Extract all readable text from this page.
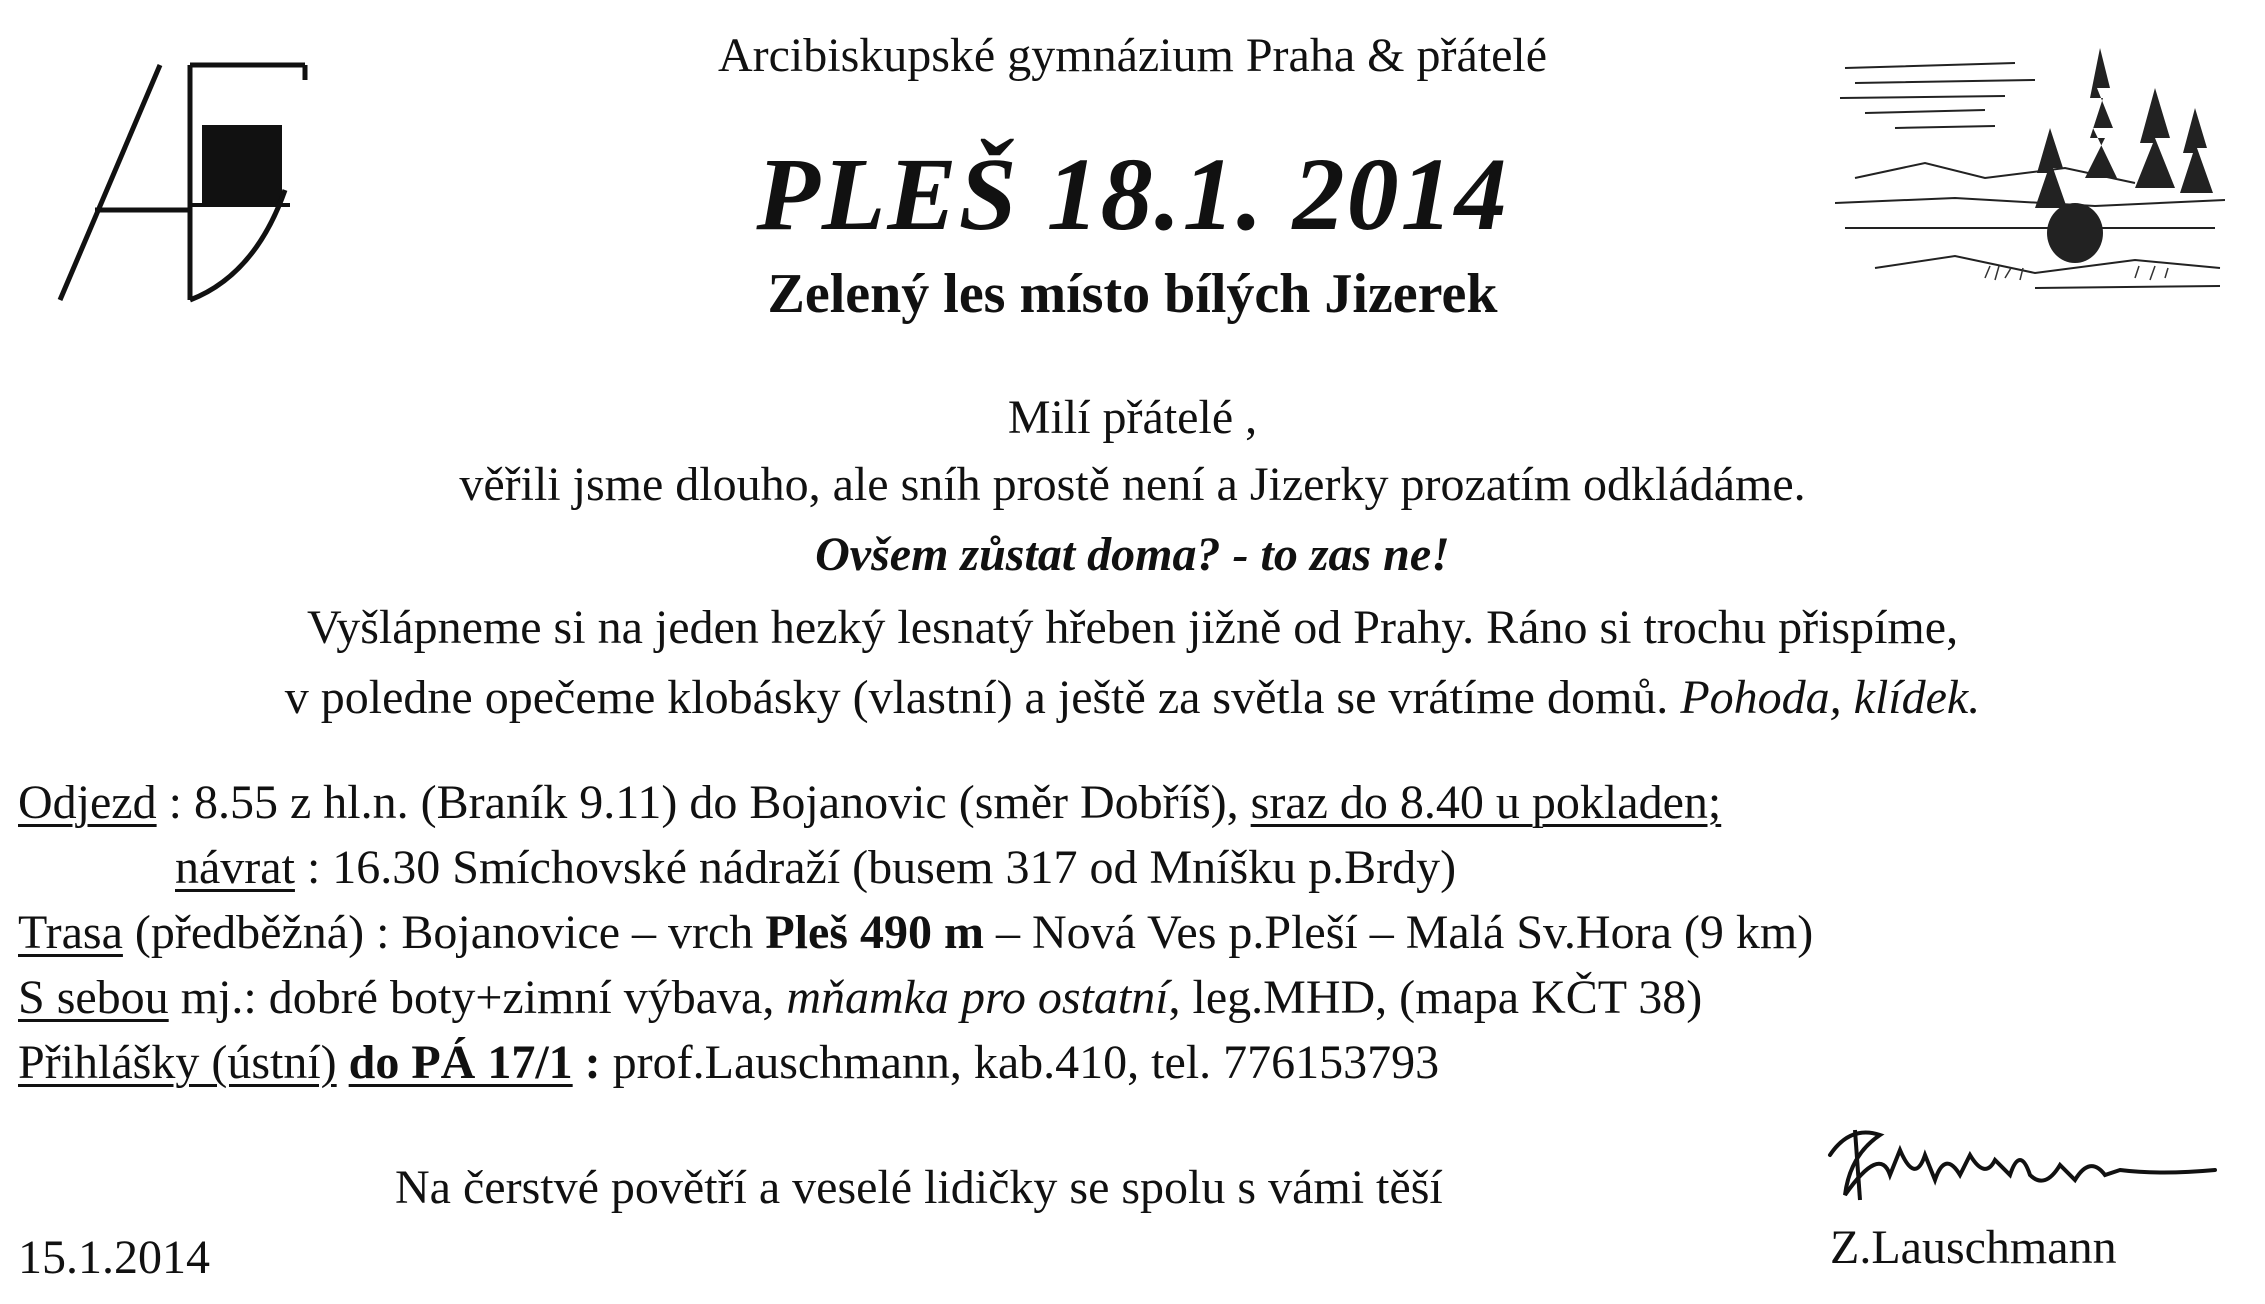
Arcibiskupské gymnázium Praha & přátelé
PLEŠ 18.1. 2014
Zelený les místo bílých Jizerek
Milí přátelé ,
věřili jsme dlouho, ale sníh prostě není a Jizerky prozatím odkládáme.
Ovšem zůstat doma? - to zas ne!
Vyšlápneme si na jeden hezký lesnatý hřeben jižně od Prahy. Ráno si trochu přispíme,
v poledne opečeme klobásky (vlastní) a ještě za světla se vrátíme domů. Pohoda, klídek.
Odjezd : 8.55 z hl.n. (Braník 9.11) do Bojanovic (směr Dobříš), sraz do 8.40 u pokladen;
návrat : 16.30 Smíchovské nádraží (busem 317 od Mníšku p.Brdy)
Trasa (předběžná) : Bojanovice – vrch Pleš 490 m – Nová Ves p.Pleší – Malá Sv.Hora (9 km)
S sebou mj.: dobré boty+zimní výbava, mňamka pro ostatní, leg.MHD, (mapa KČT 38)
Přihlášky (ústní) do PÁ 17/1 : prof.Lauschmann, kab.410, tel. 776153793
Na čerstvé povětří a veselé lidičky se spolu s vámi těší
Z.Lauschmann
15.1.2014
